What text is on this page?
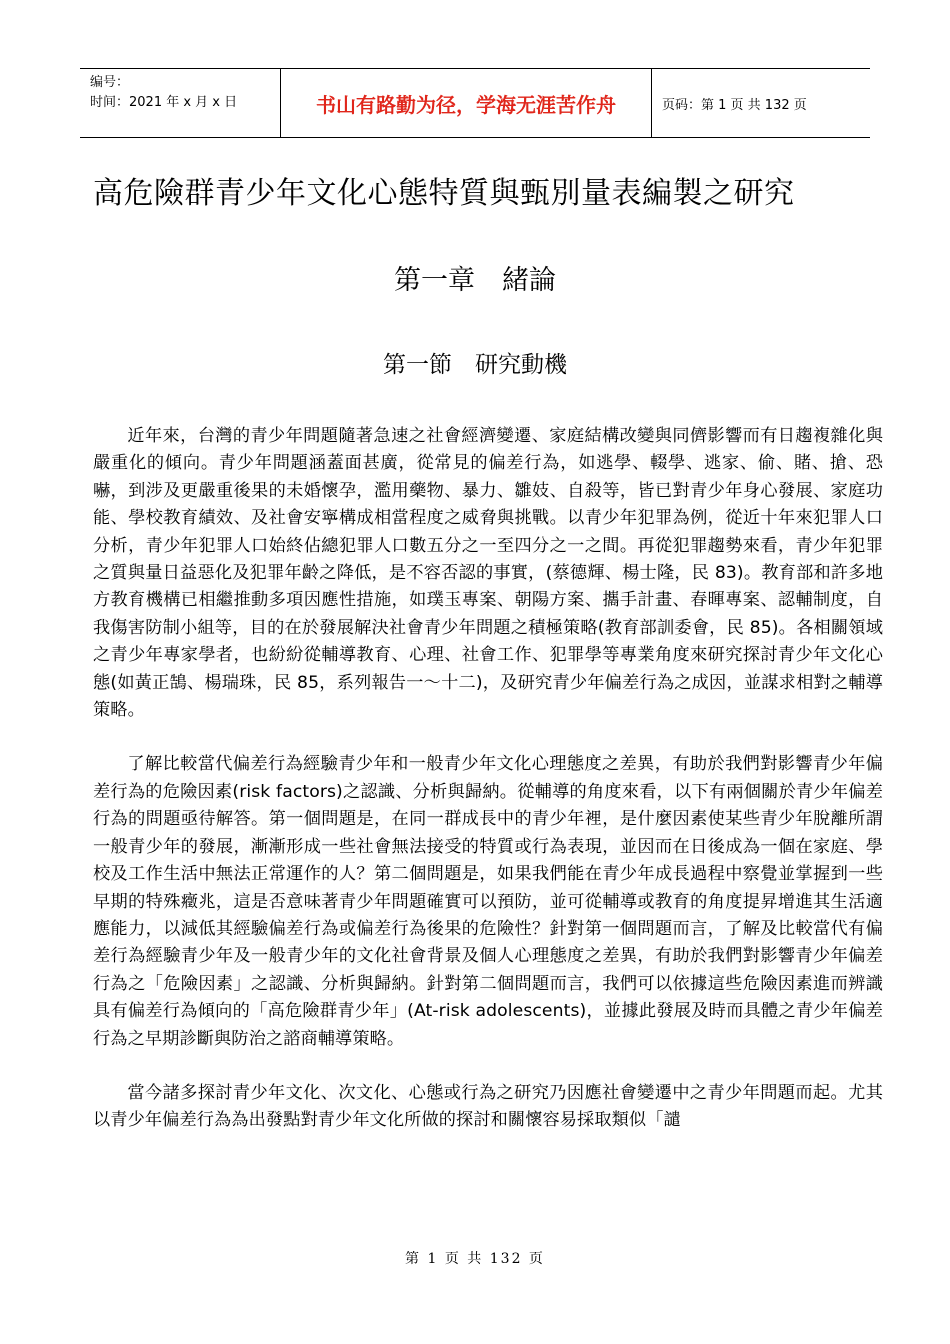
编号：
时间：2021 年 x 月 x 日	书山有路勤为径，学海无涯苦作舟	页码：第 1 页 共 132 页
高危險群青少年文化心態特質與甄別量表編製之研究
第一章　緒論
第一節　研究動機

近年來，台灣的青少年問題隨著急速之社會經濟變遷、家庭結構改變與同儕影響而有日趨複雜化與嚴重化的傾向。青少年問題涵蓋面甚廣，從常見的偏差行為，如逃學、輟學、逃家、偷、賭、搶、恐嚇，到涉及更嚴重後果的未婚懷孕，濫用藥物、暴力、雛妓、自殺等，皆已對青少年身心發展、家庭功能、學校教育績效、及社會安寧構成相當程度之威脅與挑戰。以青少年犯罪為例，從近十年來犯罪人口分析，青少年犯罪人口始終佔總犯罪人口數五分之一至四分之一之間。再從犯罪趨勢來看，青少年犯罪之質與量日益惡化及犯罪年齡之降低，是不容否認的事實，(蔡德輝、楊士隆，民 83)。教育部和許多地方教育機構已相繼推動多項因應性措施，如璞玉專案、朝陽方案、攜手計畫、春暉專案、認輔制度，自我傷害防制小組等，目的在於發展解決社會青少年問題之積極策略(教育部訓委會，民 85)。各相關領域之青少年專家學者，也紛紛從輔導教育、心理、社會工作、犯罪學等專業角度來研究探討青少年文化心態(如黃正鵠、楊瑞珠，民 85，系列報告一～十二)，及研究青少年偏差行為之成因，並謀求相對之輔導策略。

了解比較當代偏差行為經驗青少年和一般青少年文化心理態度之差異，有助於我們對影響青少年偏差行為的危險因素(risk factors)之認識、分析與歸納。從輔導的角度來看，以下有兩個關於青少年偏差行為的問題亟待解答。第一個問題是，在同一群成長中的青少年裡，是什麼因素使某些青少年脫離所謂一般青少年的發展，漸漸形成一些社會無法接受的特質或行為表現，並因而在日後成為一個在家庭、學校及工作生活中無法正常運作的人？第二個問題是，如果我們能在青少年成長過程中察覺並掌握到一些早期的特殊癥兆，這是否意味著青少年問題確實可以預防，並可從輔導或教育的角度提昇增進其生活適應能力，以減低其經驗偏差行為或偏差行為後果的危險性？針對第一個問題而言，了解及比較當代有偏差行為經驗青少年及一般青少年的文化社會背景及個人心理態度之差異，有助於我們對影響青少年偏差行為之「危險因素」之認識、分析與歸納。針對第二個問題而言，我們可以依據這些危險因素進而辨識具有偏差行為傾向的「高危險群青少年」(At-risk adolescents)，並據此發展及時而具體之青少年偏差行為之早期診斷與防治之諮商輔導策略。

當今諸多探討青少年文化、次文化、心態或行為之研究乃因應社會變遷中之青少年問題而起。尤其以青少年偏差行為為出發點對青少年文化所做的探討和關懷容易採取類似「譴

第 1 页 共 132 页
